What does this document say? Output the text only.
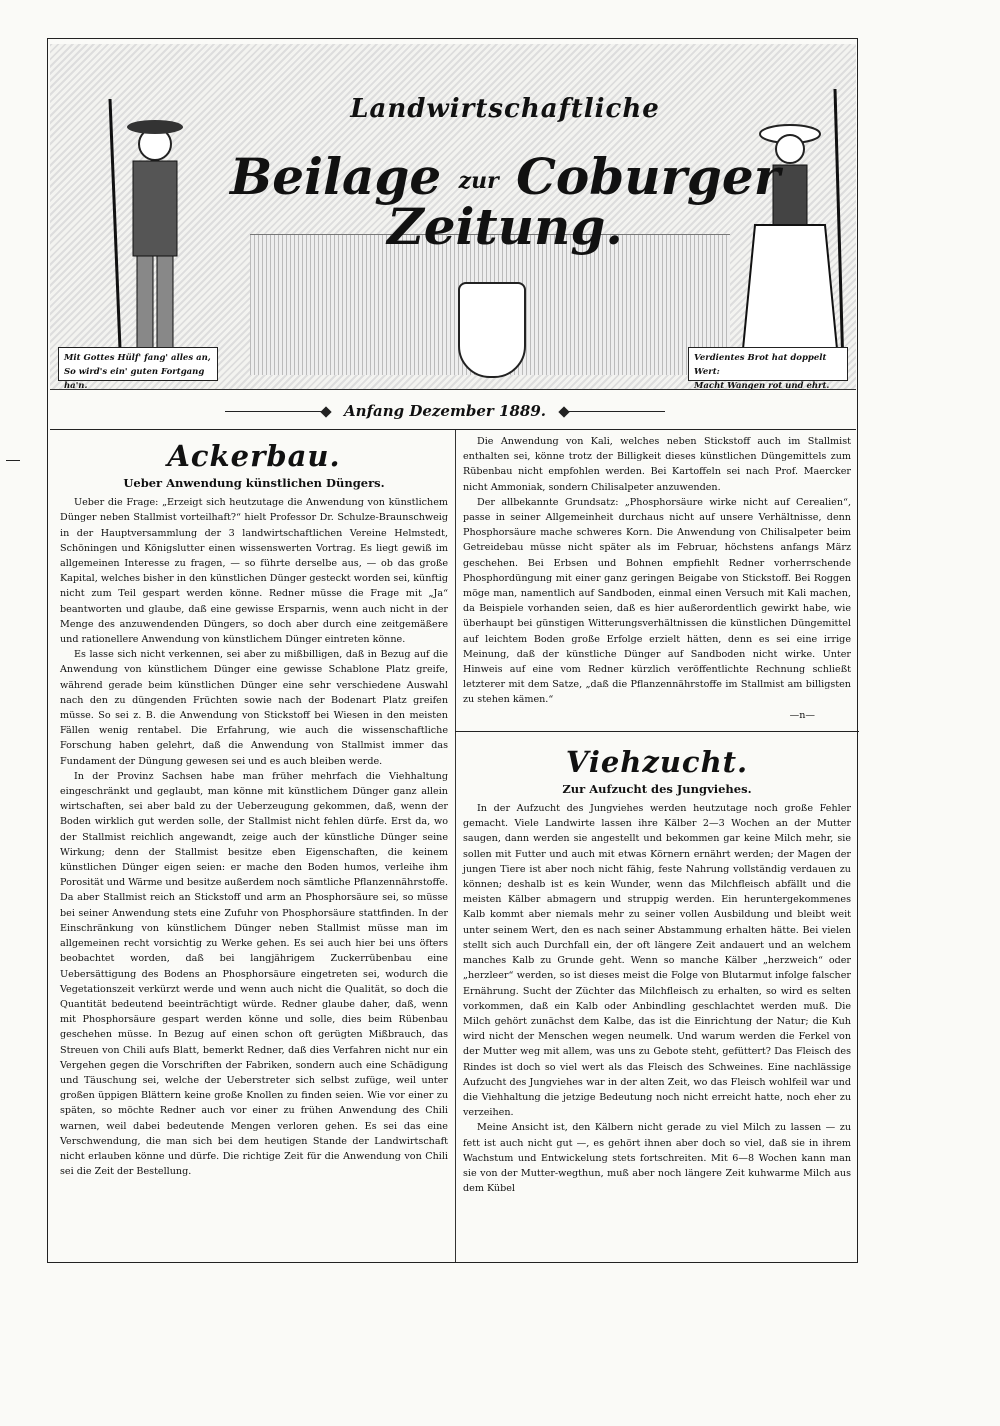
Landwirtschaftliche
Beilage zur Coburger Zeitung.
Mit Gottes Hülf' fang' alles an,
So wird's ein' guten Fortgang ha'n.
Verdientes Brot hat doppelt Wert:
Macht Wangen rot und ehrt.
Anfang Dezember 1889.
Ackerbau.
Ueber Anwendung künstlichen Düngers.

Ueber die Frage: „Erzeigt sich heutzutage die Anwendung von künstlichem Dünger neben Stallmist vorteilhaft?“ hielt Professor Dr. Schulze-Braunschweig in der Hauptversammlung der 3 landwirtschaftlichen Vereine Helmstedt, Schöningen und Königslutter einen wissenswerten Vortrag. Es liegt gewiß im allgemeinen Interesse zu fragen, — so führte derselbe aus, — ob das große Kapital, welches bisher in den künstlichen Dünger gesteckt worden sei, künftig nicht zum Teil gespart werden könne. Redner müsse die Frage mit „Ja“ beantworten und glaube, daß eine gewisse Ersparnis, wenn auch nicht in der Menge des anzuwendenden Düngers, so doch aber durch eine zeitgemäßere und rationellere Anwendung von künstlichem Dünger eintreten könne.

Es lasse sich nicht verkennen, sei aber zu mißbilligen, daß in Bezug auf die Anwendung von künstlichem Dünger eine gewisse Schablone Platz greife, während gerade beim künstlichen Dünger eine sehr verschiedene Auswahl nach den zu düngenden Früchten sowie nach der Bodenart Platz greifen müsse. So sei z. B. die Anwendung von Stickstoff bei Wiesen in den meisten Fällen wenig rentabel. Die Erfahrung, wie auch die wissenschaftliche Forschung haben gelehrt, daß die Anwendung von Stallmist immer das Fundament der Düngung gewesen sei und es auch bleiben werde.

In der Provinz Sachsen habe man früher mehrfach die Viehhaltung eingeschränkt und geglaubt, man könne mit künstlichem Dünger ganz allein wirtschaften, sei aber bald zu der Ueberzeugung gekommen, daß, wenn der Boden wirklich gut werden solle, der Stallmist nicht fehlen dürfe. Erst da, wo der Stallmist reichlich angewandt, zeige auch der künstliche Dünger seine Wirkung; denn der Stallmist besitze eben Eigenschaften, die keinem künstlichen Dünger eigen seien: er mache den Boden humos, verleihe ihm Porosität und Wärme und besitze außerdem noch sämtliche Pflanzennährstoffe. Da aber Stallmist reich an Stickstoff und arm an Phosphorsäure sei, so müsse bei seiner Anwendung stets eine Zufuhr von Phosphorsäure stattfinden. In der Einschränkung von künstlichem Dünger neben Stallmist müsse man im allgemeinen recht vorsichtig zu Werke gehen. Es sei auch hier bei uns öfters beobachtet worden, daß bei langjährigem Zuckerrübenbau eine Uebersättigung des Bodens an Phosphorsäure eingetreten sei, wodurch die Vegetationszeit verkürzt werde und wenn auch nicht die Qualität, so doch die Quantität bedeutend beeinträchtigt würde. Redner glaube daher, daß, wenn mit Phosphorsäure gespart werden könne und solle, dies beim Rübenbau geschehen müsse. In Bezug auf einen schon oft gerügten Mißbrauch, das Streuen von Chili aufs Blatt, bemerkt Redner, daß dies Verfahren nicht nur ein Vergehen gegen die Vorschriften der Fabriken, sondern auch eine Schädigung und Täuschung sei, welche der Ueberstreter sich selbst zufüge, weil unter großen üppigen Blättern keine große Knollen zu finden seien. Wie vor einer zu späten, so möchte Redner auch vor einer zu frühen Anwendung des Chili warnen, weil dabei bedeutende Mengen verloren gehen. Es sei das eine Verschwendung, die man sich bei dem heutigen Stande der Landwirtschaft nicht erlauben könne und dürfe. Die richtige Zeit für die Anwendung von Chili sei die Zeit der Bestellung.

Die Anwendung von Kali, welches neben Stickstoff auch im Stallmist enthalten sei, könne trotz der Billigkeit dieses künstlichen Düngemittels zum Rübenbau nicht empfohlen werden. Bei Kartoffeln sei nach Prof. Maercker nicht Ammoniak, sondern Chilisalpeter anzuwenden.

Der allbekannte Grundsatz: „Phosphorsäure wirke nicht auf Cerealien“, passe in seiner Allgemeinheit durchaus nicht auf unsere Verhältnisse, denn Phosphorsäure mache schweres Korn. Die Anwendung von Chilisalpeter beim Getreidebau müsse nicht später als im Februar, höchstens anfangs März geschehen. Bei Erbsen und Bohnen empfiehlt Redner vorherrschende Phosphordüngung mit einer ganz geringen Beigabe von Stickstoff. Bei Roggen möge man, namentlich auf Sandboden, einmal einen Versuch mit Kali machen, da Beispiele vorhanden seien, daß es hier außerordentlich gewirkt habe, wie überhaupt bei günstigen Witterungsverhältnissen die künstlichen Düngemittel auf leichtem Boden große Erfolge erzielt hätten, denn es sei eine irrige Meinung, daß der künstliche Dünger auf Sandboden nicht wirke. Unter Hinweis auf eine vom Redner kürzlich veröffentlichte Rechnung schließt letzterer mit dem Satze, „daß die Pflanzennährstoffe im Stallmist am billigsten zu stehen kämen.“

—n—
Viehzucht.
Zur Aufzucht des Jungviehes.

In der Aufzucht des Jungviehes werden heutzutage noch große Fehler gemacht. Viele Landwirte lassen ihre Kälber 2—3 Wochen an der Mutter saugen, dann werden sie angestellt und bekommen gar keine Milch mehr, sie sollen mit Futter und auch mit etwas Körnern ernährt werden; der Magen der jungen Tiere ist aber noch nicht fähig, feste Nahrung vollständig verdauen zu können; deshalb ist es kein Wunder, wenn das Milchfleisch abfällt und die meisten Kälber abmagern und struppig werden. Ein heruntergekommenes Kalb kommt aber niemals mehr zu seiner vollen Ausbildung und bleibt weit unter seinem Wert, den es nach seiner Abstammung erhalten hätte. Bei vielen stellt sich auch Durchfall ein, der oft längere Zeit andauert und an welchem manches Kalb zu Grunde geht. Wenn so manche Kälber „herzweich“ oder „herzleer“ werden, so ist dieses meist die Folge von Blutarmut infolge falscher Ernährung. Sucht der Züchter das Milchfleisch zu erhalten, so wird es selten vorkommen, daß ein Kalb oder Anbindling geschlachtet werden muß. Die Milch gehört zunächst dem Kalbe, das ist die Einrichtung der Natur; die Kuh wird nicht der Menschen wegen neumelk. Und warum werden die Ferkel von der Mutter weg mit allem, was uns zu Gebote steht, gefüttert? Das Fleisch des Rindes ist doch so viel wert als das Fleisch des Schweines. Eine nachlässige Aufzucht des Jungviehes war in der alten Zeit, wo das Fleisch wohlfeil war und die Viehhaltung die jetzige Bedeutung noch nicht erreicht hatte, noch eher zu verzeihen.

Meine Ansicht ist, den Kälbern nicht gerade zu viel Milch zu lassen — zu fett ist auch nicht gut —, es gehört ihnen aber doch so viel, daß sie in ihrem Wachstum und Entwickelung stets fortschreiten. Mit 6—8 Wochen kann man sie von der Mutter-wegthun, muß aber noch längere Zeit kuhwarme Milch aus dem Kübel
